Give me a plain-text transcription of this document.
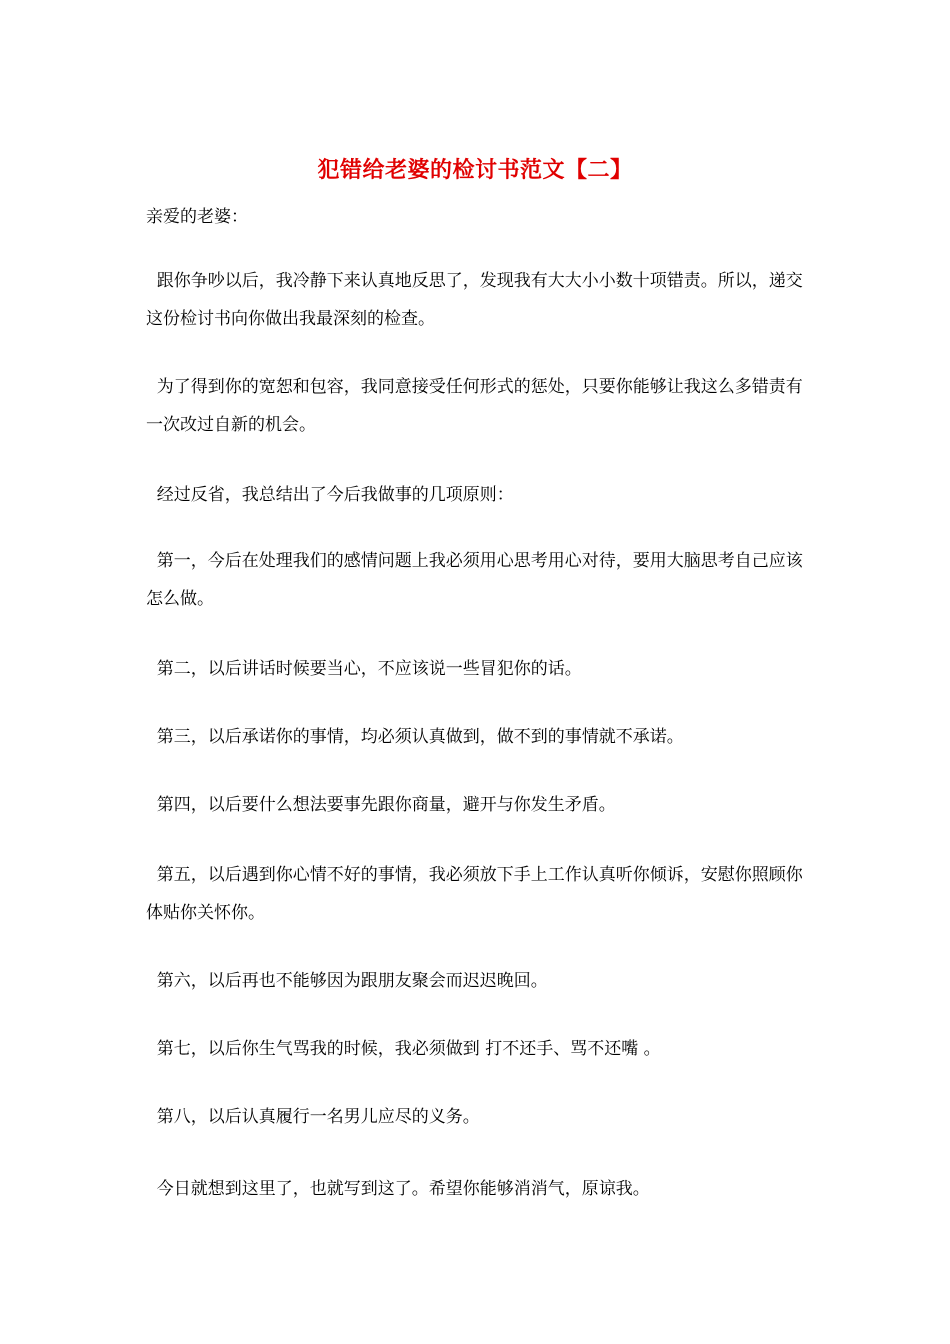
犯错给老婆的检讨书范文【二】
亲爱的老婆：
跟你争吵以后，我冷静下来认真地反思了，发现我有大大小小数十项错责。所以，递交这份检讨书向你做出我最深刻的检查。
为了得到你的宽恕和包容，我同意接受任何形式的惩处，只要你能够让我这么多错责有一次改过自新的机会。
经过反省，我总结出了今后我做事的几项原则：
第一，今后在处理我们的感情问题上我必须用心思考用心对待，要用大脑思考自己应该怎么做。
第二，以后讲话时候要当心，不应该说一些冒犯你的话。
第三，以后承诺你的事情，均必须认真做到，做不到的事情就不承诺。
第四，以后要什么想法要事先跟你商量，避开与你发生矛盾。
第五，以后遇到你心情不好的事情，我必须放下手上工作认真听你倾诉，安慰你照顾你体贴你关怀你。
第六，以后再也不能够因为跟朋友聚会而迟迟晚回。
第七，以后你生气骂我的时候，我必须做到 打不还手、骂不还嘴 。
第八，以后认真履行一名男儿应尽的义务。
今日就想到这里了，也就写到这了。希望你能够消消气，原谅我。
